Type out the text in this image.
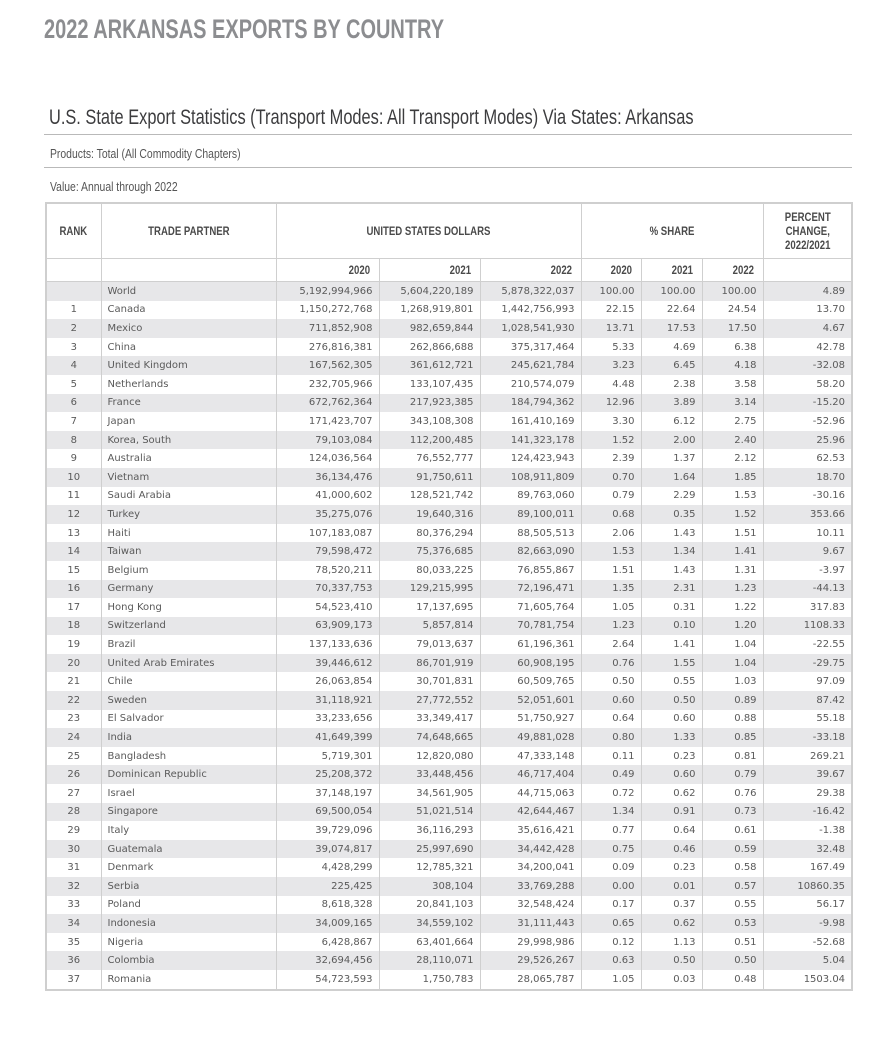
2022 ARKANSAS EXPORTS BY COUNTRY
U.S. State Export Statistics (Transport Modes: All Transport Modes) Via States: Arkansas
Products: Total (All Commodity Chapters)
Value: Annual through 2022
RANK	TRADE PARTNER	UNITED STATES DOLLARS			% SHARE			PERCENT CHANGE, 2022/2021
		2020	2021	2022	2020	2021	2022	
	World	5,192,994,966	5,604,220,189	5,878,322,037	100.00	100.00	100.00	4.89
1	Canada	1,150,272,768	1,268,919,801	1,442,756,993	22.15	22.64	24.54	13.70
2	Mexico	711,852,908	982,659,844	1,028,541,930	13.71	17.53	17.50	4.67
3	China	276,816,381	262,866,688	375,317,464	5.33	4.69	6.38	42.78
4	United Kingdom	167,562,305	361,612,721	245,621,784	3.23	6.45	4.18	-32.08
5	Netherlands	232,705,966	133,107,435	210,574,079	4.48	2.38	3.58	58.20
6	France	672,762,364	217,923,385	184,794,362	12.96	3.89	3.14	-15.20
7	Japan	171,423,707	343,108,308	161,410,169	3.30	6.12	2.75	-52.96
8	Korea, South	79,103,084	112,200,485	141,323,178	1.52	2.00	2.40	25.96
9	Australia	124,036,564	76,552,777	124,423,943	2.39	1.37	2.12	62.53
10	Vietnam	36,134,476	91,750,611	108,911,809	0.70	1.64	1.85	18.70
11	Saudi Arabia	41,000,602	128,521,742	89,763,060	0.79	2.29	1.53	-30.16
12	Turkey	35,275,076	19,640,316	89,100,011	0.68	0.35	1.52	353.66
13	Haiti	107,183,087	80,376,294	88,505,513	2.06	1.43	1.51	10.11
14	Taiwan	79,598,472	75,376,685	82,663,090	1.53	1.34	1.41	9.67
15	Belgium	78,520,211	80,033,225	76,855,867	1.51	1.43	1.31	-3.97
16	Germany	70,337,753	129,215,995	72,196,471	1.35	2.31	1.23	-44.13
17	Hong Kong	54,523,410	17,137,695	71,605,764	1.05	0.31	1.22	317.83
18	Switzerland	63,909,173	5,857,814	70,781,754	1.23	0.10	1.20	1108.33
19	Brazil	137,133,636	79,013,637	61,196,361	2.64	1.41	1.04	-22.55
20	United Arab Emirates	39,446,612	86,701,919	60,908,195	0.76	1.55	1.04	-29.75
21	Chile	26,063,854	30,701,831	60,509,765	0.50	0.55	1.03	97.09
22	Sweden	31,118,921	27,772,552	52,051,601	0.60	0.50	0.89	87.42
23	El Salvador	33,233,656	33,349,417	51,750,927	0.64	0.60	0.88	55.18
24	India	41,649,399	74,648,665	49,881,028	0.80	1.33	0.85	-33.18
25	Bangladesh	5,719,301	12,820,080	47,333,148	0.11	0.23	0.81	269.21
26	Dominican Republic	25,208,372	33,448,456	46,717,404	0.49	0.60	0.79	39.67
27	Israel	37,148,197	34,561,905	44,715,063	0.72	0.62	0.76	29.38
28	Singapore	69,500,054	51,021,514	42,644,467	1.34	0.91	0.73	-16.42
29	Italy	39,729,096	36,116,293	35,616,421	0.77	0.64	0.61	-1.38
30	Guatemala	39,074,817	25,997,690	34,442,428	0.75	0.46	0.59	32.48
31	Denmark	4,428,299	12,785,321	34,200,041	0.09	0.23	0.58	167.49
32	Serbia	225,425	308,104	33,769,288	0.00	0.01	0.57	10860.35
33	Poland	8,618,328	20,841,103	32,548,424	0.17	0.37	0.55	56.17
34	Indonesia	34,009,165	34,559,102	31,111,443	0.65	0.62	0.53	-9.98
35	Nigeria	6,428,867	63,401,664	29,998,986	0.12	1.13	0.51	-52.68
36	Colombia	32,694,456	28,110,071	29,526,267	0.63	0.50	0.50	5.04
37	Romania	54,723,593	1,750,783	28,065,787	1.05	0.03	0.48	1503.04
